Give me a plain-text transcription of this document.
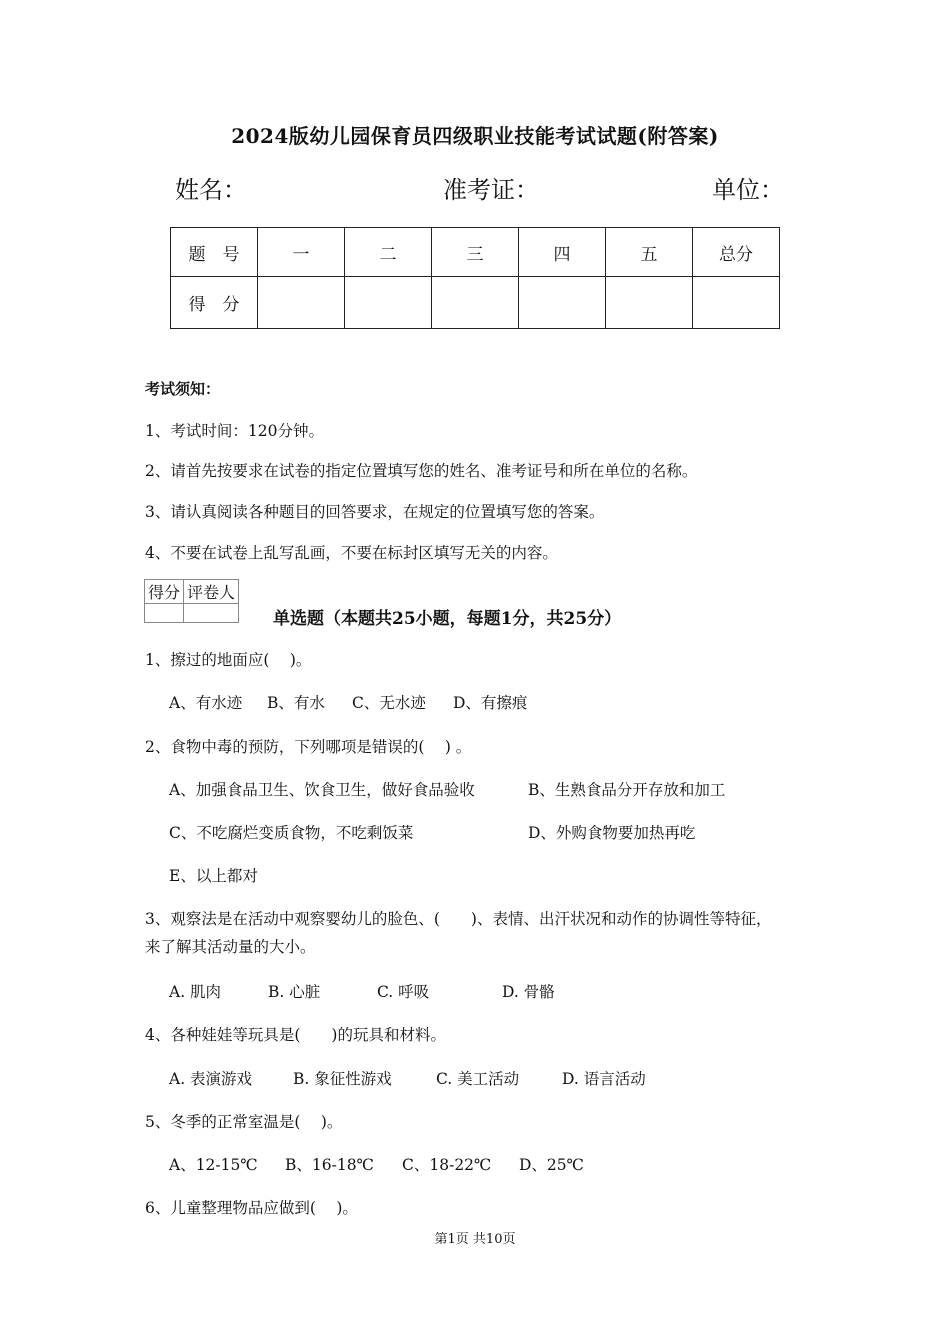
2024版幼儿园保育员四级职业技能考试试题(附答案)
姓名：	准考证：	单位：
题　号	一	二	三	四	五	总分
得　分						
考试须知：
1、考试时间：120分钟。
2、请首先按要求在试卷的指定位置填写您的姓名、准考证号和所在单位的名称。
3、请认真阅读各种题目的回答要求，在规定的位置填写您的答案。
4、不要在试卷上乱写乱画，不要在标封区填写无关的内容。
得分	评卷人

单选题（本题共25小题，每题1分，共25分）
1、擦过的地面应(　 )。
A、有水迹 B、有水 C、无水迹 D、有擦痕
2、食物中毒的预防，下列哪项是错误的(　 ) 。
A、加强食品卫生、饮食卫生，做好食品验收	B、生熟食品分开存放和加工
C、不吃腐烂变质食物，不吃剩饭菜	D、外购食物要加热再吃
E、以上都对
3、观察法是在活动中观察婴幼儿的脸色、(　　)、表情、出汗状况和动作的协调性等特征，
来了解其活动量的大小。
A. 肌肉	B. 心脏	C. 呼吸	D. 骨骼
4、各种娃娃等玩具是(　　)的玩具和材料。
A. 表演游戏	B. 象征性游戏	C. 美工活动	D. 语言活动
5、冬季的正常室温是(　 )。
A、12-15℃ B、16-18℃ C、18-22℃ D、25℃
6、儿童整理物品应做到(　 )。
第1页 共10页
